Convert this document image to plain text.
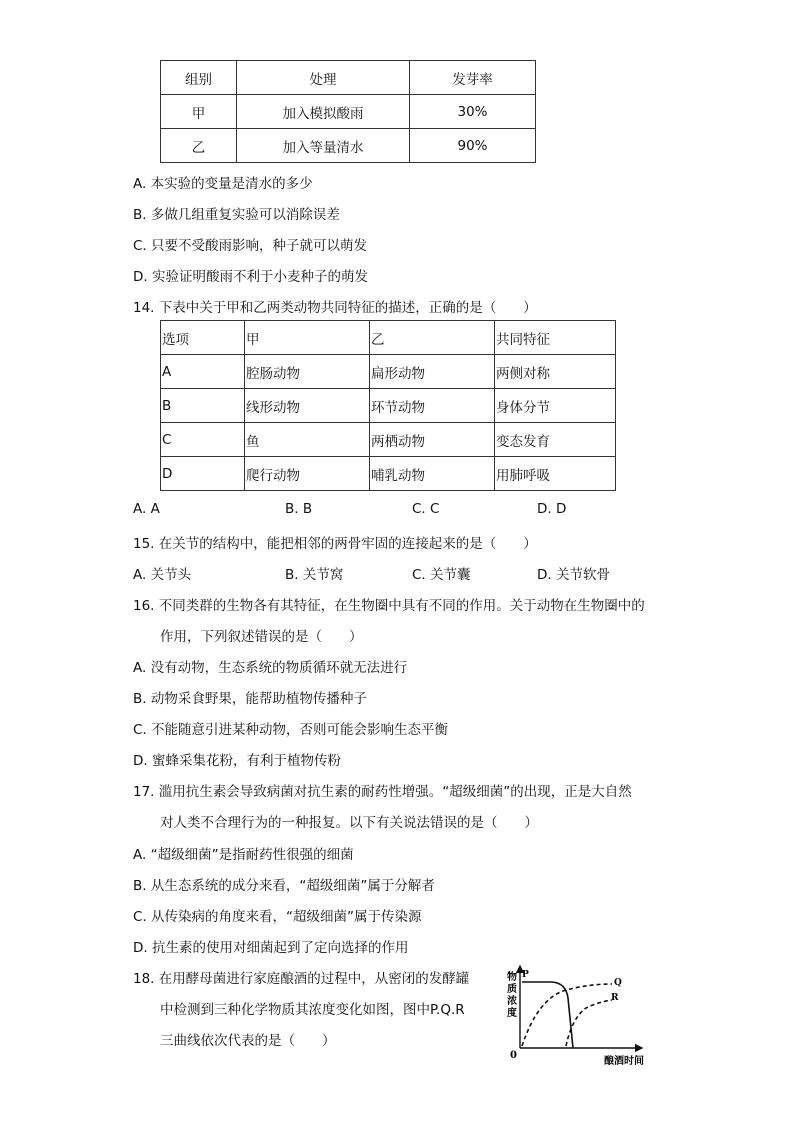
组别	处理	发芽率
甲	加入模拟酸雨	30%
乙	加入等量清水	90%
A. 本实验的变量是清水的多少
B. 多做几组重复实验可以消除误差
C. 只要不受酸雨影响，种子就可以萌发
D. 实验证明酸雨不利于小麦种子的萌发
14. 下表中关于甲和乙两类动物共同特征的描述，正确的是（　　）
选项	甲	乙	共同特征
A	腔肠动物	扁形动物	两侧对称
B	线形动物	环节动物	身体分节
C	鱼	两栖动物	变态发育
D	爬行动物	哺乳动物	用肺呼吸
A. A	B. B	C. C	D. D
15. 在关节的结构中，能把相邻的两骨牢固的连接起来的是（　　）
A. 关节头	B. 关节窝	C. 关节囊	D. 关节软骨
16. 不同类群的生物各有其特征，在生物圈中具有不同的作用。关于动物在生物圈中的
作用，下列叙述错误的是（　　）
A. 没有动物，生态系统的物质循环就无法进行
B. 动物采食野果，能帮助植物传播种子
C. 不能随意引进某种动物，否则可能会影响生态平衡
D. 蜜蜂采集花粉，有利于植物传粉
17. 滥用抗生素会导致病菌对抗生素的耐药性增强。“超级细菌”的出现，正是大自然
对人类不合理行为的一种报复。以下有关说法错误的是（　　）
A. “超级细菌”是指耐药性很强的细菌
B. 从生态系统的成分来看，“超级细菌”属于分解者
C. 从传染病的角度来看，“超级细菌”属于传染源
D. 抗生素的使用对细菌起到了定向选择的作用
18. 在用酵母菌进行家庭酿酒的过程中，从密闭的发酵罐
中检测到三种化学物质其浓度变化如图，图中P.Q.R
三曲线依次代表的是（　　）
物质浓度
0
酿酒时间
P
Q
R
